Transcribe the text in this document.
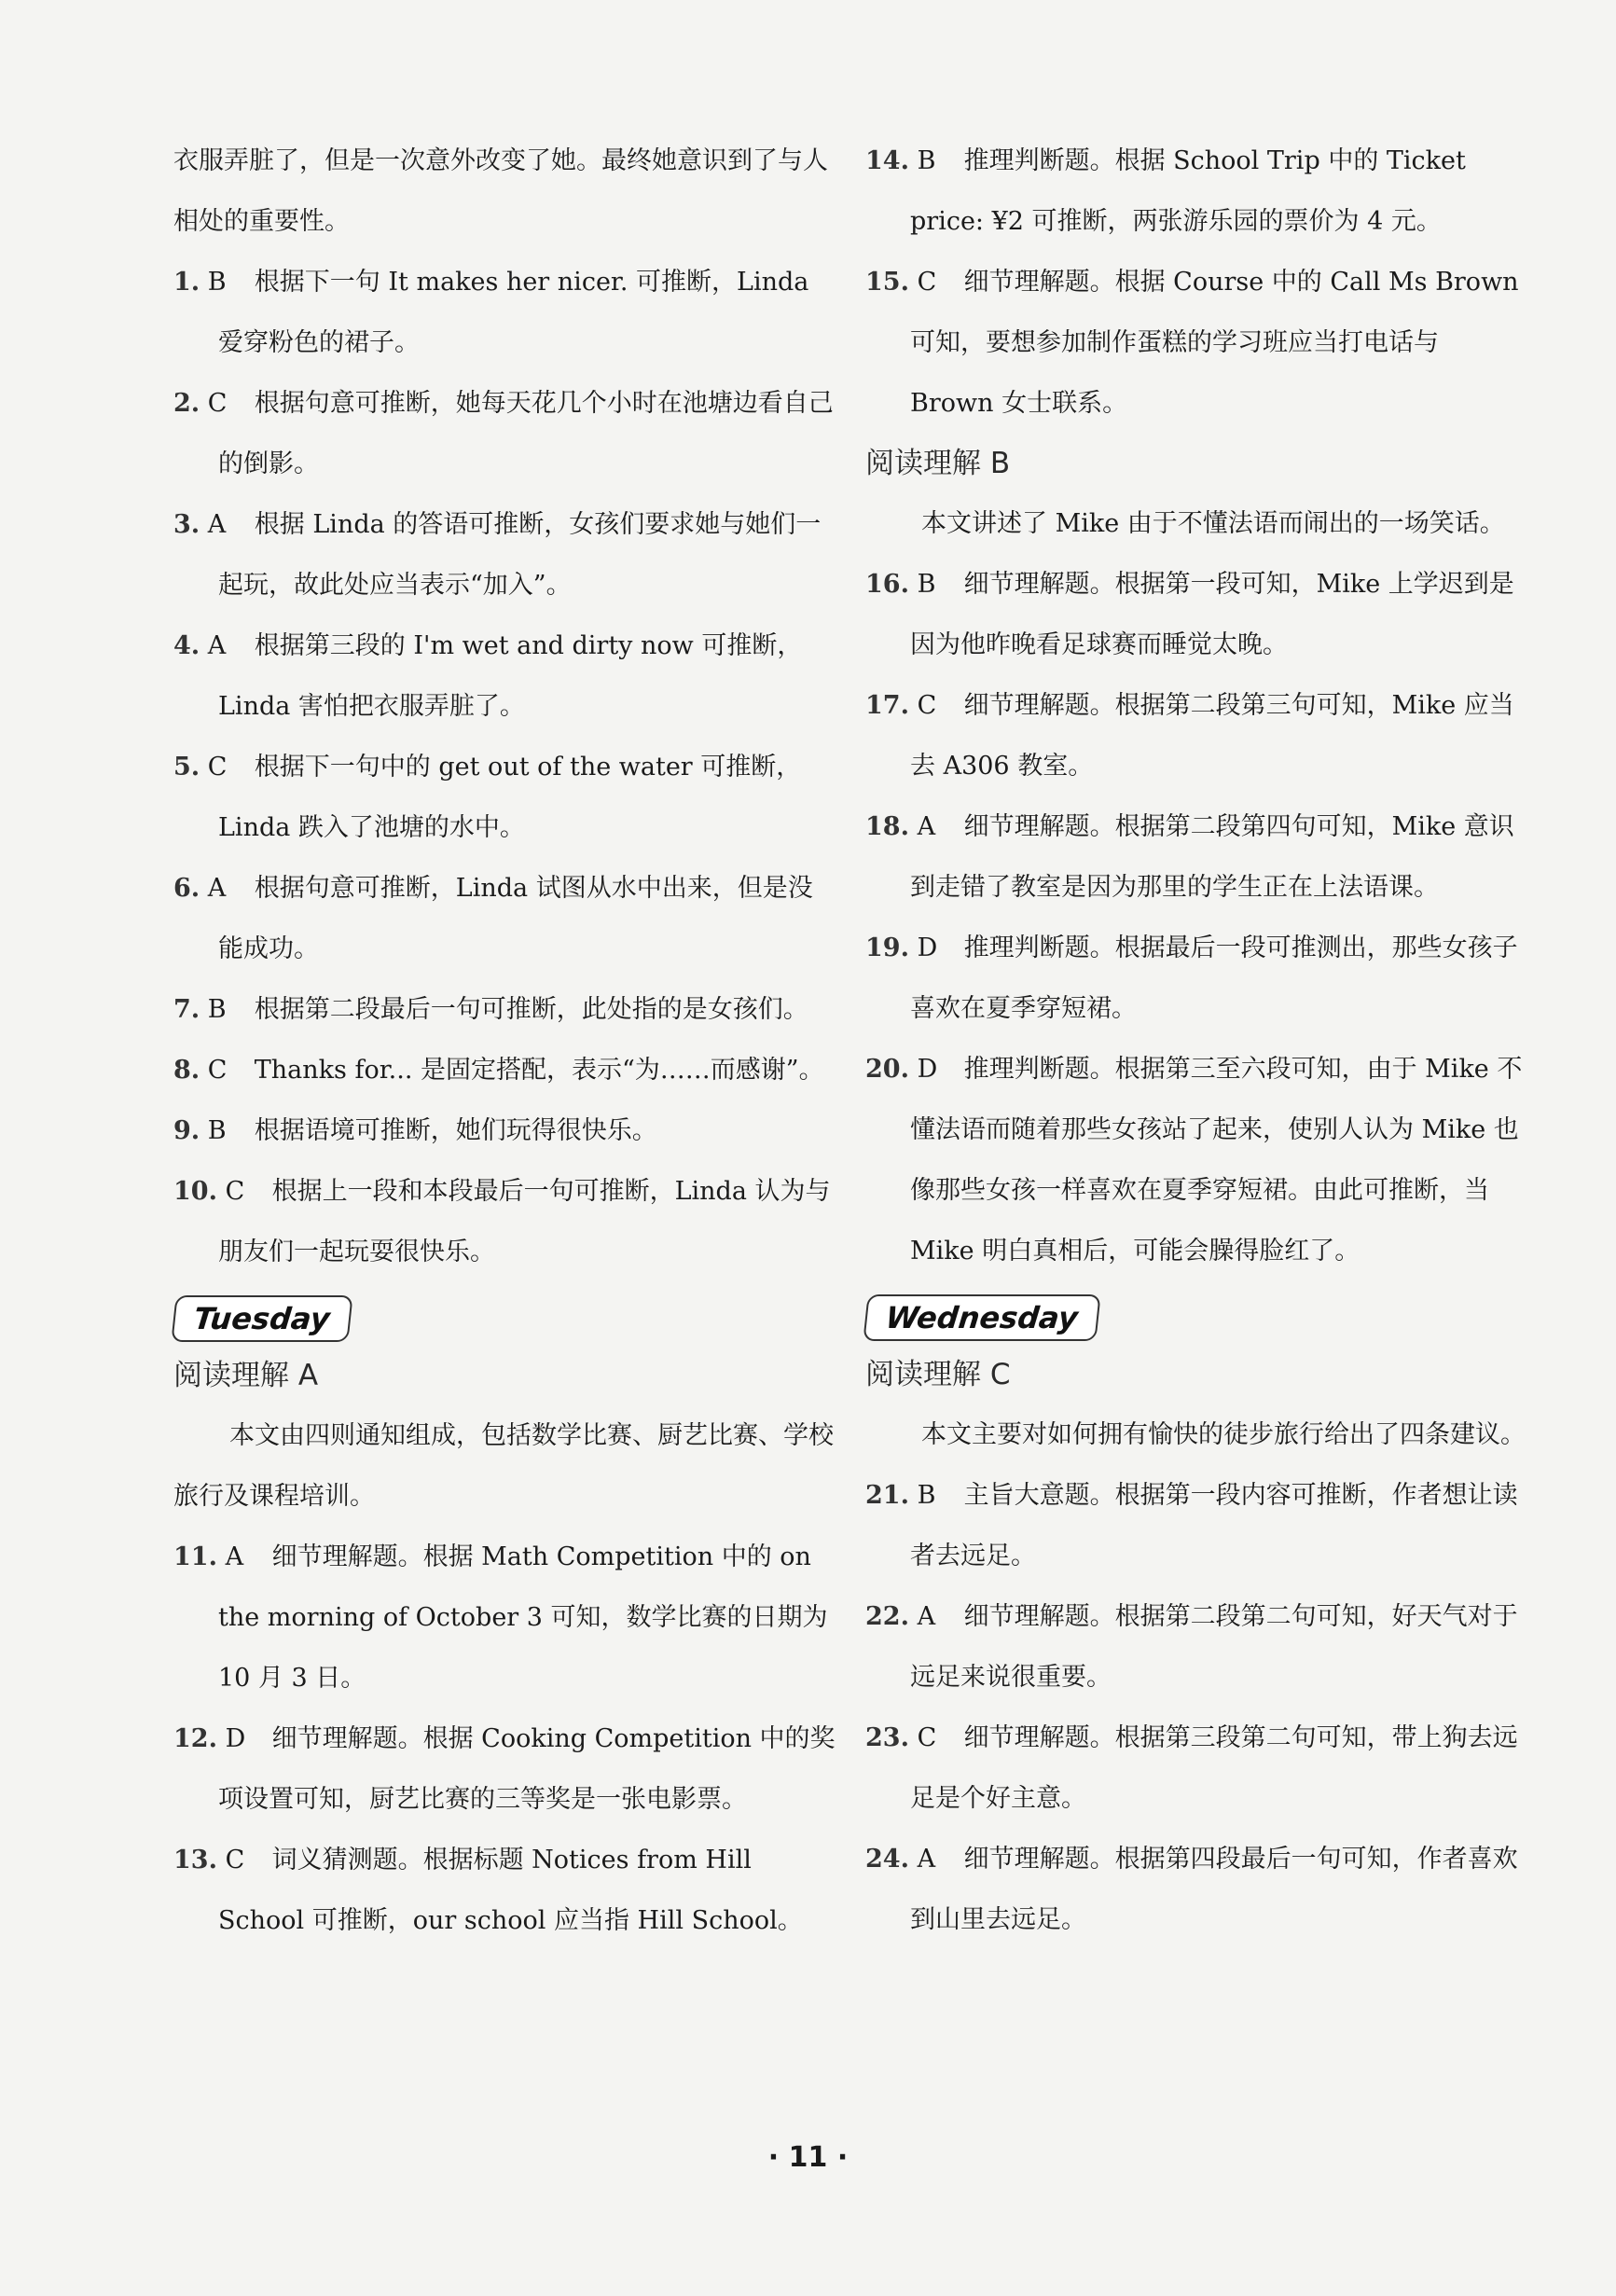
衣服弄脏了，但是一次意外改变了她。最终她意识到了与人相处的重要性。

1. B 根据下一句 It makes her nicer. 可推断，Linda 爱穿粉色的裙子。

2. C 根据句意可推断，她每天花几个小时在池塘边看自己的倒影。

3. A 根据 Linda 的答语可推断，女孩们要求她与她们一起玩，故此处应当表示“加入”。

4. A 根据第三段的 I'm wet and dirty now 可推断，Linda 害怕把衣服弄脏了。

5. C 根据下一句中的 get out of the water 可推断，Linda 跌入了池塘的水中。

6. A 根据句意可推断，Linda 试图从水中出来，但是没能成功。

7. B 根据第二段最后一句可推断，此处指的是女孩们。

8. C Thanks for... 是固定搭配，表示“为……而感谢”。

9. B 根据语境可推断，她们玩得很快乐。

10. C 根据上一段和本段最后一句可推断，Linda 认为与朋友们一起玩耍很快乐。

Tuesday
阅读理解 A

本文由四则通知组成，包括数学比赛、厨艺比赛、学校旅行及课程培训。

11. A 细节理解题。根据 Math Competition 中的 on the morning of October 3 可知，数学比赛的日期为 10 月 3 日。

12. D 细节理解题。根据 Cooking Competition 中的奖项设置可知，厨艺比赛的三等奖是一张电影票。

13. C 词义猜测题。根据标题 Notices from Hill School 可推断，our school 应当指 Hill School。

14. B 推理判断题。根据 School Trip 中的 Ticket price: ¥2 可推断，两张游乐园的票价为 4 元。

15. C 细节理解题。根据 Course 中的 Call Ms Brown 可知，要想参加制作蛋糕的学习班应当打电话与 Brown 女士联系。

阅读理解 B

本文讲述了 Mike 由于不懂法语而闹出的一场笑话。

16. B 细节理解题。根据第一段可知，Mike 上学迟到是因为他昨晚看足球赛而睡觉太晚。

17. C 细节理解题。根据第二段第三句可知，Mike 应当去 A306 教室。

18. A 细节理解题。根据第二段第四句可知，Mike 意识到走错了教室是因为那里的学生正在上法语课。

19. D 推理判断题。根据最后一段可推测出，那些女孩子喜欢在夏季穿短裙。

20. D 推理判断题。根据第三至六段可知，由于 Mike 不懂法语而随着那些女孩站了起来，使别人认为 Mike 也像那些女孩一样喜欢在夏季穿短裙。由此可推断，当 Mike 明白真相后，可能会臊得脸红了。

Wednesday
阅读理解 C

本文主要对如何拥有愉快的徒步旅行给出了四条建议。

21. B 主旨大意题。根据第一段内容可推断，作者想让读者去远足。

22. A 细节理解题。根据第二段第二句可知，好天气对于远足来说很重要。

23. C 细节理解题。根据第三段第二句可知，带上狗去远足是个好主意。

24. A 细节理解题。根据第四段最后一句可知，作者喜欢到山里去远足。

· 11 ·
